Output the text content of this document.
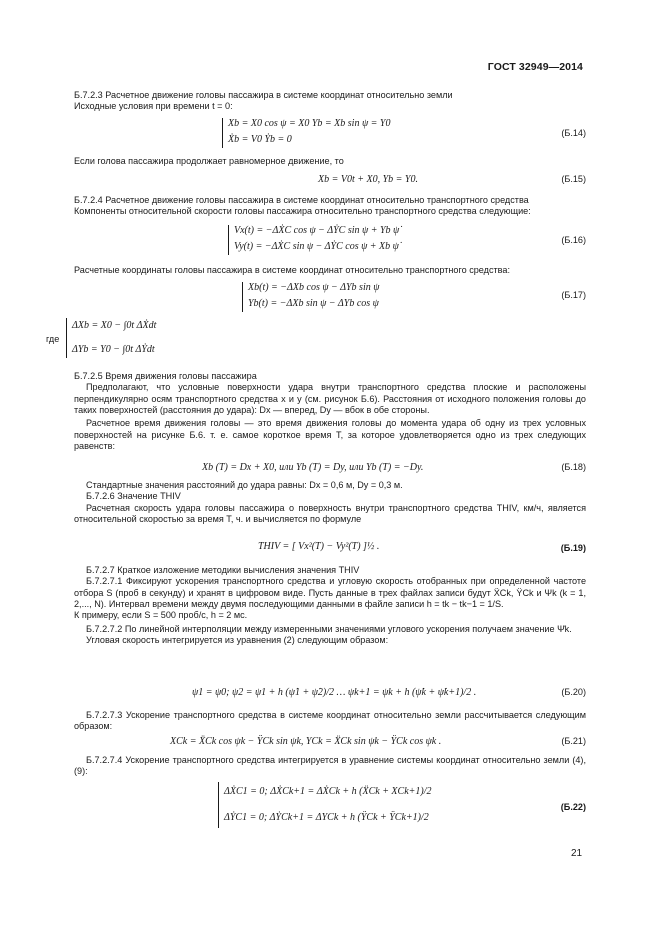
ГОСТ 32949—2014

Б.7.2.3 Расчетное движение головы пассажира в системе координат относительно земли

Исходные условия при времени t = 0:

Xb = X0 cos ψ = X0 Yb = Xb sin ψ = Y0
Ẋb = V0 Ẏb = 0
(Б.14)

Если голова пассажира продолжает равномерное движение, то

Xb = V0t + X0, Yb = Y0.	(Б.15)

Б.7.2.4 Расчетное движение головы пассажира в системе координат относительно транспортного средства

Компоненты относительной скорости головы пассажира относительно транспортного средства следующие:

Vx(t) = −ΔẊC cos ψ − ΔẎC sin ψ + Yb ψ̇
Vy(t) = −ΔẊC sin ψ − ΔẎC cos ψ + Xb ψ̇
(Б.16)

Расчетные координаты головы пассажира в системе координат относительно транспортного средства:

Xb(t) = −ΔXb cos ψ − ΔYb sin ψ
Yb(t) = −ΔXb sin ψ − ΔYb cos ψ
(Б.17)
где
ΔXb = X0 − ∫0t ΔẊdt
ΔYb = Y0 − ∫0t ΔẎdt

Б.7.2.5 Время движения головы пассажира

Предполагают, что условные поверхности удара внутри транспортного средства плоские и расположены перпендикулярно осям транспортного средства x и y (см. рисунок Б.6). Расстояния от исходного положения головы до таких поверхностей (расстояния до удара): Dx — вперед, Dy — вбок в обе стороны.

Расчетное время движения головы — это время движения головы до момента удара об одну из трех условных поверхностей на рисунке Б.6. т. е. самое короткое время T, за которое удовлетворяется одно из трех следующих равенств:

Xb (T) = Dx + X0, или Yb (T) = Dy, или Yb (T) = −Dy.	(Б.18)

Стандартные значения расстояний до удара равны: Dx = 0,6 м, Dy = 0,3 м.

Б.7.2.6 Значение THIV

Расчетная скорость удара головы пассажира о поверхность внутри транспортного средства THIV, км/ч, является относительной скоростью за время T, ч. и вычисляется по формуле

THIV = [ Vx²(T) − Vy²(T) ]½ .	(Б.19)

Б.7.2.7 Краткое изложение методики вычисления значения THIV

Б.7.2.7.1 Фиксируют ускорения транспортного средства и угловую скорость отобранных при определенной частоте отбора S (проб в секунду) и хранят в цифровом виде. Пусть данные в трех файлах записи будут ẌCk, ŸCk и Ψk (k = 1, 2,..., N). Интервал времени между двумя последующими данными в файле записи h = tk − tk−1 = 1/S.

К примеру, если S = 500 проб/с, h = 2 мс.

Б.7.2.7.2 По линейной интерполяции между измеренными значениями углового ускорения получаем значение Ψ̇k.

Угловая скорость интегрируется из уравнения (2) следующим образом:

ψ1 = ψ0; ψ2 = ψ1 + h (ψ̇1 + ψ̇2)/2 … ψk+1 = ψk + h (ψ̇k + ψ̇k+1)/2 .	(Б.20)

Б.7.2.7.3 Ускорение транспортного средства в системе координат относительно земли рассчитывается следующим образом:

XCk = ẌCk cos ψk − ŸCk sin ψk, YCk = ẌCk sin ψk − ŸCk cos ψk .	(Б.21)

Б.7.2.7.4 Ускорение транспортного средства интегрируется в уравнение системы координат относительно земли (4), (9):

ΔẊC1 = 0; ΔẊCk+1 = ΔẊCk + h (ẌCk + XCk+1)/2
ΔẎC1 = 0; ΔẎCk+1 = ΔYCk + h (ŸCk + ŸCk+1)/2
(Б.22)
21
